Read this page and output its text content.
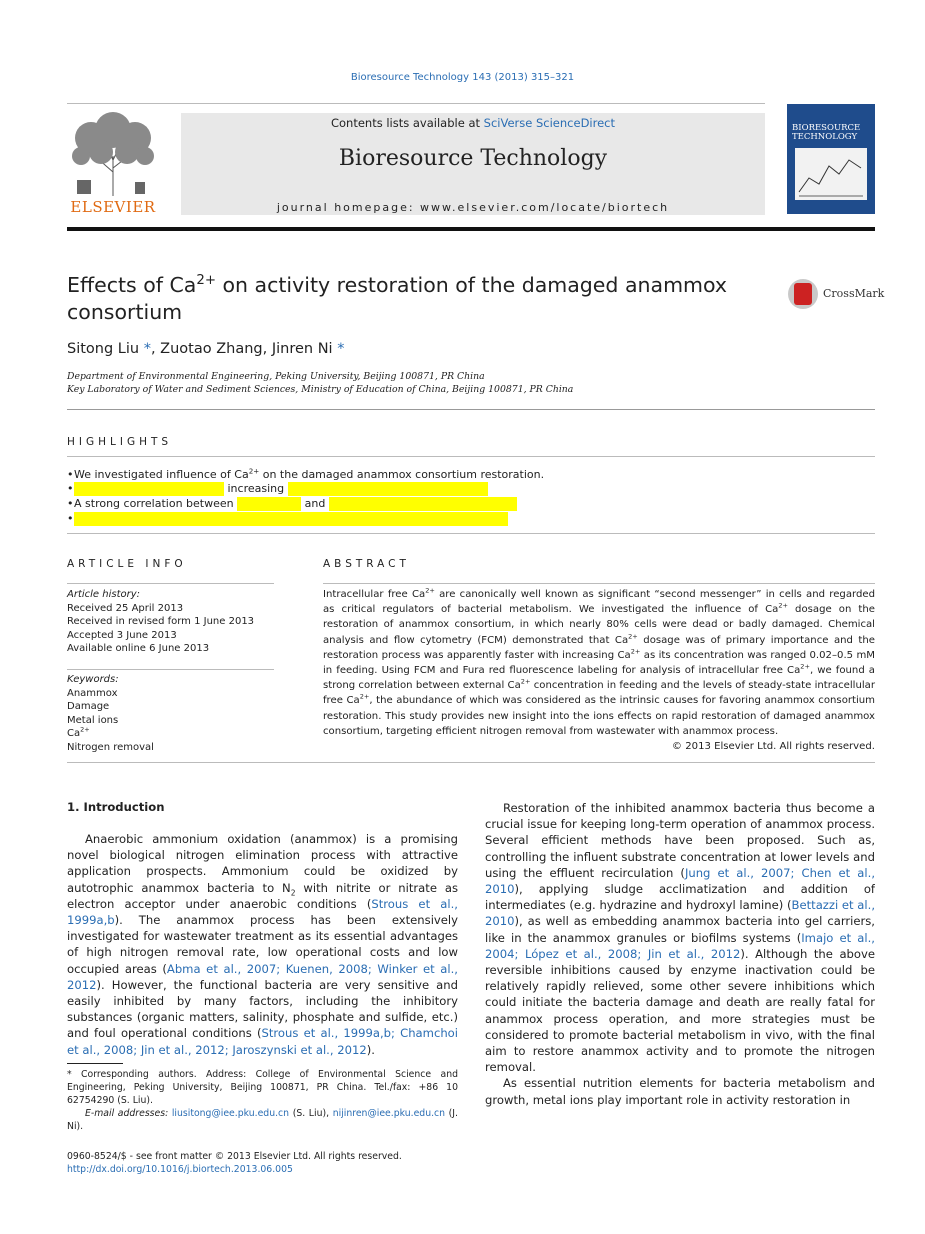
Bioresource Technology 143 (2013) 315–321
ELSEVIER
Contents lists available at SciVerse ScienceDirect
Bioresource Technology
journal homepage: www.elsevier.com/locate/biortech
BIORESOURCE TECHNOLOGY
Effects of $Ca^{2+}$ on activity restoration of the damaged anammox consortium
CrossMark
Sitong Liu *, Zuotao Zhang, Jinren Ni *
Department of Environmental Engineering, Peking University, Beijing 100871, PR China
Key Laboratory of Water and Sediment Sciences, Ministry of Education of China, Beijing 100871, PR China
HIGHLIGHTS
•We investigated influence of $Ca^{2+}$ on the damaged anammox consortium restoration.
•	increasing
•A strong correlation between	and
•
ARTICLE INFO
Article history:
Received 25 April 2013
Received in revised form 1 June 2013
Accepted 3 June 2013
Available online 6 June 2013
Keywords:
Anammox
Damage
Metal ions
$Ca^{2+}$
Nitrogen removal
ABSTRACT
Intracellular free $Ca^{2+}$ are canonically well known as significant “second messenger” in cells and regarded as critical regulators of bacterial metabolism. We investigated the influence of $Ca^{2+}$ dosage on the restoration of anammox consortium, in which nearly 80% cells were dead or badly damaged. Chemical analysis and flow cytometry (FCM) demonstrated that $Ca^{2+}$ dosage was of primary importance and the restoration process was apparently faster with increasing $Ca^{2+}$ as its concentration was ranged 0.02–0.5 mM in feeding. Using FCM and Fura red fluorescence labeling for analysis of intracellular free $Ca^{2+}$, we found a strong correlation between external $Ca^{2+}$ concentration in feeding and the levels of steady-state intracellular free $Ca^{2+}$, the abundance of which was considered as the intrinsic causes for favoring anammox consortium restoration. This study provides new insight into the ions effects on rapid restoration of damaged anammox consortium, targeting efficient nitrogen removal from wastewater with anammox process.
© 2013 Elsevier Ltd. All rights reserved.
1. Introduction

Anaerobic ammonium oxidation (anammox) is a promising novel biological nitrogen elimination process with attractive application prospects. Ammonium could be oxidized by autotrophic anammox bacteria to $N_2$ with nitrite or nitrate as electron acceptor under anaerobic conditions (Strous et al., 1999a,b). The anammox process has been extensively investigated for wastewater treatment as its essential advantages of high nitrogen removal rate, low operational costs and low occupied areas (Abma et al., 2007; Kuenen, 2008; Winker et al., 2012). However, the functional bacteria are very sensitive and easily inhibited by many factors, including the inhibitory substances (organic matters, salinity, phosphate and sulfide, etc.) and foul operational conditions (Strous et al., 1999a,b; Chamchoi et al., 2008; Jin et al., 2012; Jaroszynski et al., 2012).

Restoration of the inhibited anammox bacteria thus become a crucial issue for keeping long-term operation of anammox process. Several efficient methods have been proposed. Such as, controlling the influent substrate concentration at lower levels and using the effluent recirculation (Jung et al., 2007; Chen et al., 2010), applying sludge acclimatization and addition of intermediates (e.g. hydrazine and hydroxyl lamine) (Bettazzi et al., 2010), as well as embedding anammox bacteria into gel carriers, like in the anammox granules or biofilms systems (Imajo et al., 2004; López et al., 2008; Jin et al., 2012). Although the above reversible inhibitions caused by enzyme inactivation could be relatively rapidly relieved, some other severe inhibitions which could initiate the bacteria damage and death are really fatal for anammox process operation, and more strategies must be considered to promote bacterial metabolism in vivo, with the final aim to restore anammox activity and to promote the nitrogen removal.

As essential nutrition elements for bacteria metabolism and growth, metal ions play important role in activity restoration in

* Corresponding authors. Address: College of Environmental Science and Engineering, Peking University, Beijing 100871, PR China. Tel./fax: +86 10 62754290 (S. Liu).
E-mail addresses: liusitong@iee.pku.edu.cn (S. Liu), nijinren@iee.pku.edu.cn (J. Ni).
0960-8524/$ - see front matter © 2013 Elsevier Ltd. All rights reserved.
http://dx.doi.org/10.1016/j.biortech.2013.06.005
